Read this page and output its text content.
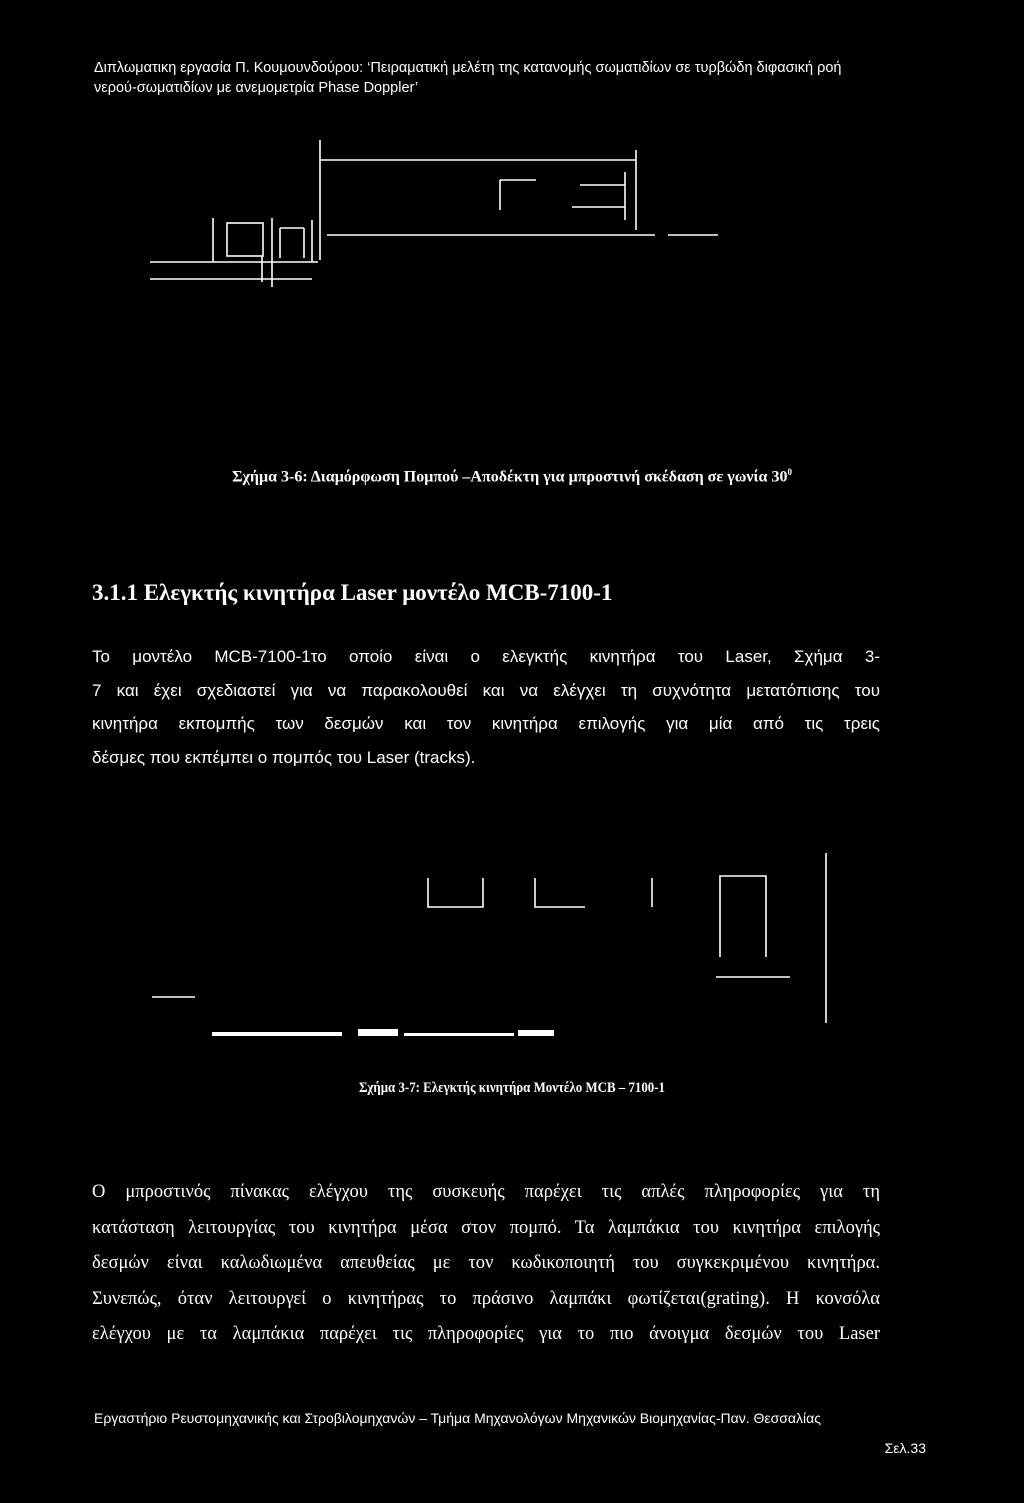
Διπλωματικη εργασία Π. Κουμουνδούρου: ‘Πειραματική μελέτη της κατανομής σωματιδίων σε τυρβώδη διφασική ροή
νερού-σωματιδίων με ανεμομετρία Phase Doppler’
Σχήμα 3-6: Διαμόρφωση Πομπού –Αποδέκτη για μπροστινή σκέδαση σε γωνία $30^0$
3.1.1 Ελεγκτής κινητήρα Laser μοντέλο MCB-7100-1
Το μοντέλο MCB-7100-1το οποίο είναι ο ελεγκτής κινητήρα του Laser, Σχήμα 3-
7 και έχει σχεδιαστεί για να παρακολουθεί και να ελέγχει τη συχνότητα μετατόπισης του
κινητήρα εκπομπής των δεσμών και τον κινητήρα επιλογής για μία από τις τρεις
δέσμες που εκπέμπει ο πομπός του Laser (tracks).
Σχήμα 3-7: Ελεγκτής κινητήρα Μοντέλο MCB – 7100-1
Ο μπροστινός πίνακας ελέγχου της συσκευής παρέχει τις απλές πληροφορίες για τη
κατάσταση λειτουργίας του κινητήρα μέσα στον πομπό. Τα λαμπάκια του κινητήρα επιλογής
δεσμών είναι καλωδιωμένα απευθείας με τον κωδικοποιητή του συγκεκριμένου κινητήρα.
Συνεπώς, όταν λειτουργεί ο κινητήρας το πράσινο λαμπάκι φωτίζεται(grating). Η κονσόλα
ελέγχου με τα λαμπάκια παρέχει τις πληροφορίες για το πιο άνοιγμα δεσμών του Laser
Εργαστήριο Ρευστομηχανικής και Στροβιλομηχανών – Τμήμα Μηχανολόγων Μηχανικών Βιομηχανίας-Παν. Θεσσαλίας
Σελ.33
